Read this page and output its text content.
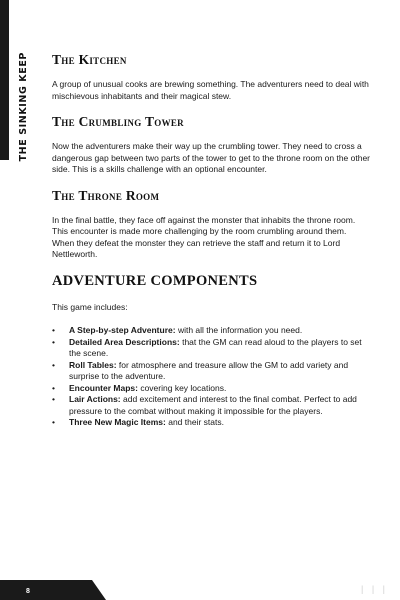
THE SINKING KEEP The Kitchen

A group of unusual cooks are brewing something. The adventurers need to deal with mischievous inhabitants and their magical stew.

The Crumbling Tower

Now the adventurers make their way up the crumbling tower. They need to cross a dangerous gap between two parts of the tower to get to the throne room on the other side. This is a skills challenge with an optional encounter.

The Throne Room

In the final battle, they face off against the monster that inhabits the throne room. This encounter is made more challenging by the room crumbling around them. When they defeat the monster they can retrieve the staff and return it to Lord Nettleworth.

ADVENTURE COMPONENTS

This game includes:

• A Step-by-step Adventure: with all the information you need.
• Detailed Area Descriptions: that the GM can read aloud to the players to set the scene.
• Roll Tables: for atmosphere and treasure allow the GM to add variety and surprise to the adventure.
• Encounter Maps: covering key locations.
• Lair Actions: add excitement and interest to the final combat. Perfect to add pressure to the combat without making it impossible for the players.
• Three New Magic Items: and their stats.
8	| | |
